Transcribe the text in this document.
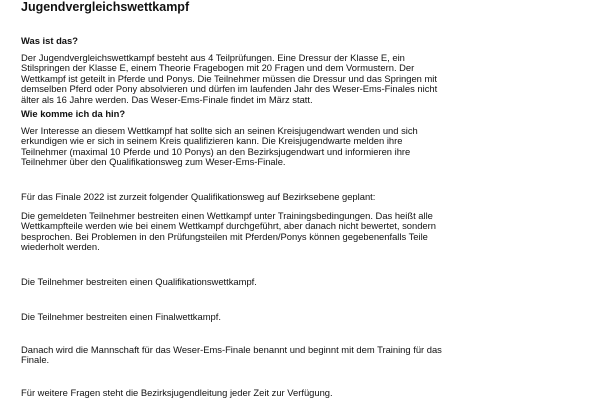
Jugendvergleichswettkampf
Was ist das?
Der Jugendvergleichswettkampf besteht aus 4 Teilprüfungen. Eine Dressur der Klasse E, ein
Stilspringen der Klasse E, einem Theorie Fragebogen mit 20 Fragen und dem Vormustern. Der
Wettkampf ist geteilt in Pferde und Ponys. Die Teilnehmer müssen die Dressur und das Springen mit
demselben Pferd oder Pony absolvieren und dürfen im laufenden Jahr des Weser-Ems-Finales nicht
älter als 16 Jahre werden. Das Weser-Ems-Finale findet im März statt.
Wie komme ich da hin?
Wer Interesse an diesem Wettkampf hat sollte sich an seinen Kreisjugendwart wenden und sich
erkundigen wie er sich in seinem Kreis qualifizieren kann. Die Kreisjugendwarte melden ihre
Teilnehmer (maximal 10 Pferde und 10 Ponys) an den Bezirksjugendwart und informieren ihre
Teilnehmer über den Qualifikationsweg zum Weser-Ems-Finale.
Für das Finale 2022 ist zurzeit folgender Qualifikationsweg auf Bezirksebene geplant:
Die gemeldeten Teilnehmer bestreiten einen Wettkampf unter Trainingsbedingungen. Das heißt alle
Wettkampfteile werden wie bei einem Wettkampf durchgeführt, aber danach nicht bewertet, sondern
besprochen. Bei Problemen in den Prüfungsteilen mit Pferden/Ponys können gegebenenfalls Teile
wiederholt werden.
Die Teilnehmer bestreiten einen Qualifikationswettkampf.
Die Teilnehmer bestreiten einen Finalwettkampf.
Danach wird die Mannschaft für das Weser-Ems-Finale benannt und beginnt mit dem Training für das
Finale.
Für weitere Fragen steht die Bezirksjugendleitung jeder Zeit zur Verfügung.
